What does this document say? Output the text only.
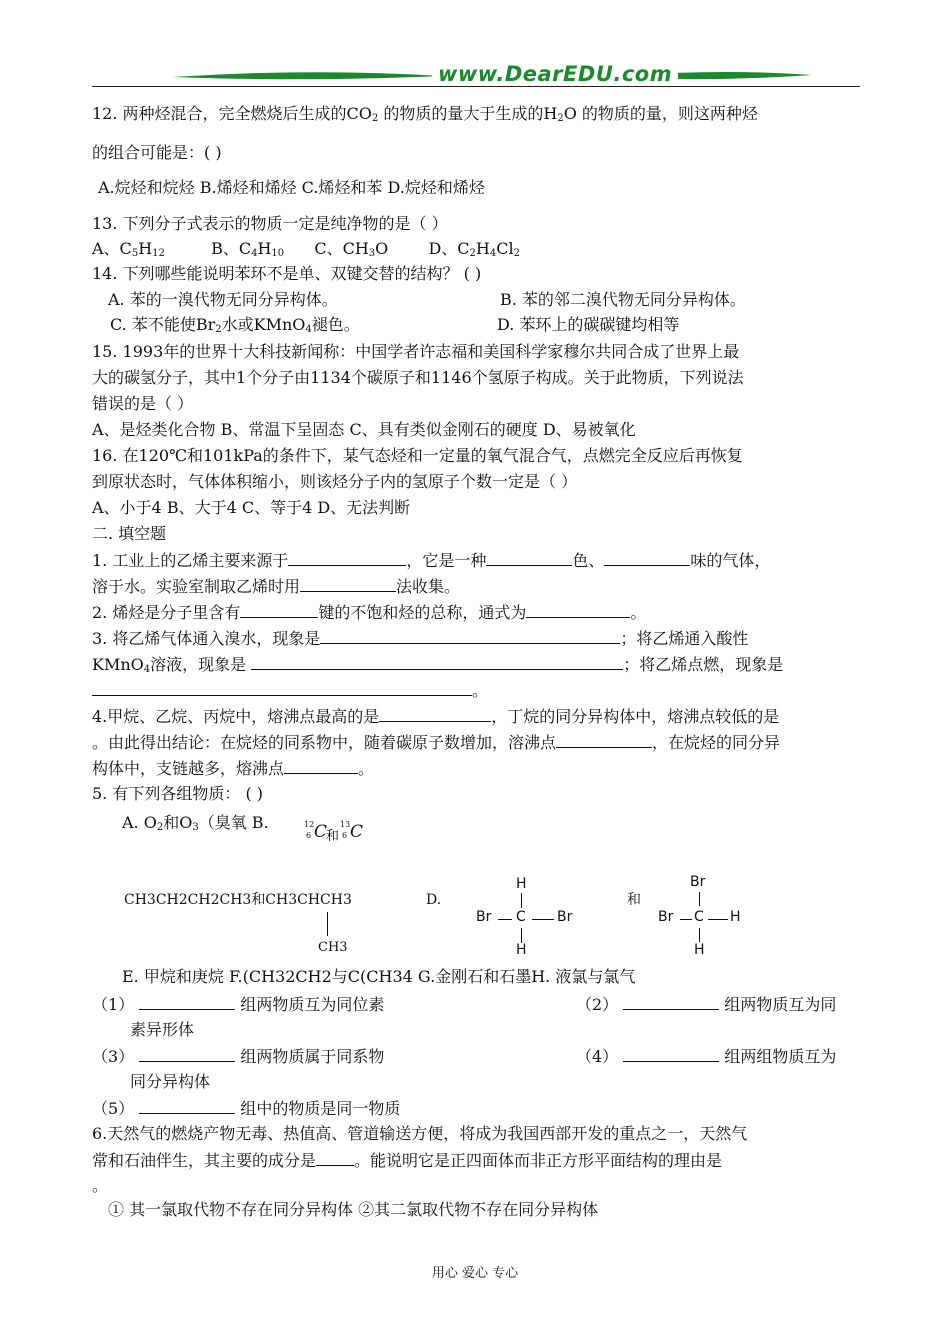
www.DearEDU.com
12. 两种烃混合，完全燃烧后生成的$CO_2$ 的物质的量大于生成的$H_2O$ 的物质的量，则这两种烃
的组合可能是：( )
A.烷烃和烷烃 B.烯烃和烯烃 C.烯烃和苯 D.烷烃和烯烃
13. 下列分子式表示的物质一定是纯净物的是（ ）
A、$C_5H_{12}$	B、$C_4H_{10}$ C、$CH_3O$	D、$C_2H_4Cl_2$
14. 下列哪些能说明苯环不是单、双键交替的结构？ ( )
A. 苯的一溴代物无同分异构体。	B. 苯的邻二溴代物无同分异构体。
C. 苯不能使$Br_2$水或KMnO$_4$褪色。	D. 苯环上的碳碳键均相等
15. 1993年的世界十大科技新闻称：中国学者许志福和美国科学家穆尔共同合成了世界上最
大的碳氢分子，其中1个分子由1134个碳原子和1146个氢原子构成。关于此物质，下列说法
错误的是（ ）
A、是烃类化合物 B、常温下呈固态 C、具有类似金刚石的硬度 D、易被氧化
16. 在120℃和101kPa的条件下，某气态烃和一定量的氧气混合气，点燃完全反应后再恢复
到原状态时，气体体积缩小，则该烃分子内的氢原子个数一定是（ ）
A、小于4 B、大于4 C、等于4 D、无法判断
二. 填空题
1. 工业上的乙烯主要来源于	，它是一种	色、	味的气体，
溶于水。实验室制取乙烯时用	法收集。
2. 烯烃是分子里含有	键的不饱和烃的总称，通式为	。
3. 将乙烯气体通入溴水，现象是	；将乙烯通入酸性
KMnO$_4$溶液，现象是	；将乙烯点燃，现象是
。
4.甲烷、乙烷、丙烷中，熔沸点最高的是	，丁烷的同分异构体中，熔沸点较低的是
。由此得出结论：在烷烃的同系物中，随着碳原子数增加，溶沸点	，在烷烃的同分异
构体中，支链越多，熔沸点	。
5. 有下列各组物质： ( )
A. $O_2$和$O_3$（臭氧 B.	12
6 C
和
13
6 C
CH3CH2CH2CH3和CH3CHCH3
CH3
D.
H
Br C Br
H
和
Br
Br C H
H
E. 甲烷和庚烷 F.(CH32CH2与C(CH34 G.金刚石和石墨H. 液氯与氯气
（1）	组两物质互为同位素	（2）	组两物质互为同
素异形体
（3）	组两物质属于同系物	（4）	组两组物质互为
同分异构体
（5）	组中的物质是同一物质
6.天然气的燃烧产物无毒、热值高、管道输送方便，将成为我国西部开发的重点之一，天然气
常和石油伴生，其主要的成分是 。能说明它是正四面体而非正方形平面结构的理由是
。
① 其一氯取代物不存在同分异构体 ②其二氯取代物不存在同分异构体
用心 爱心 专心
